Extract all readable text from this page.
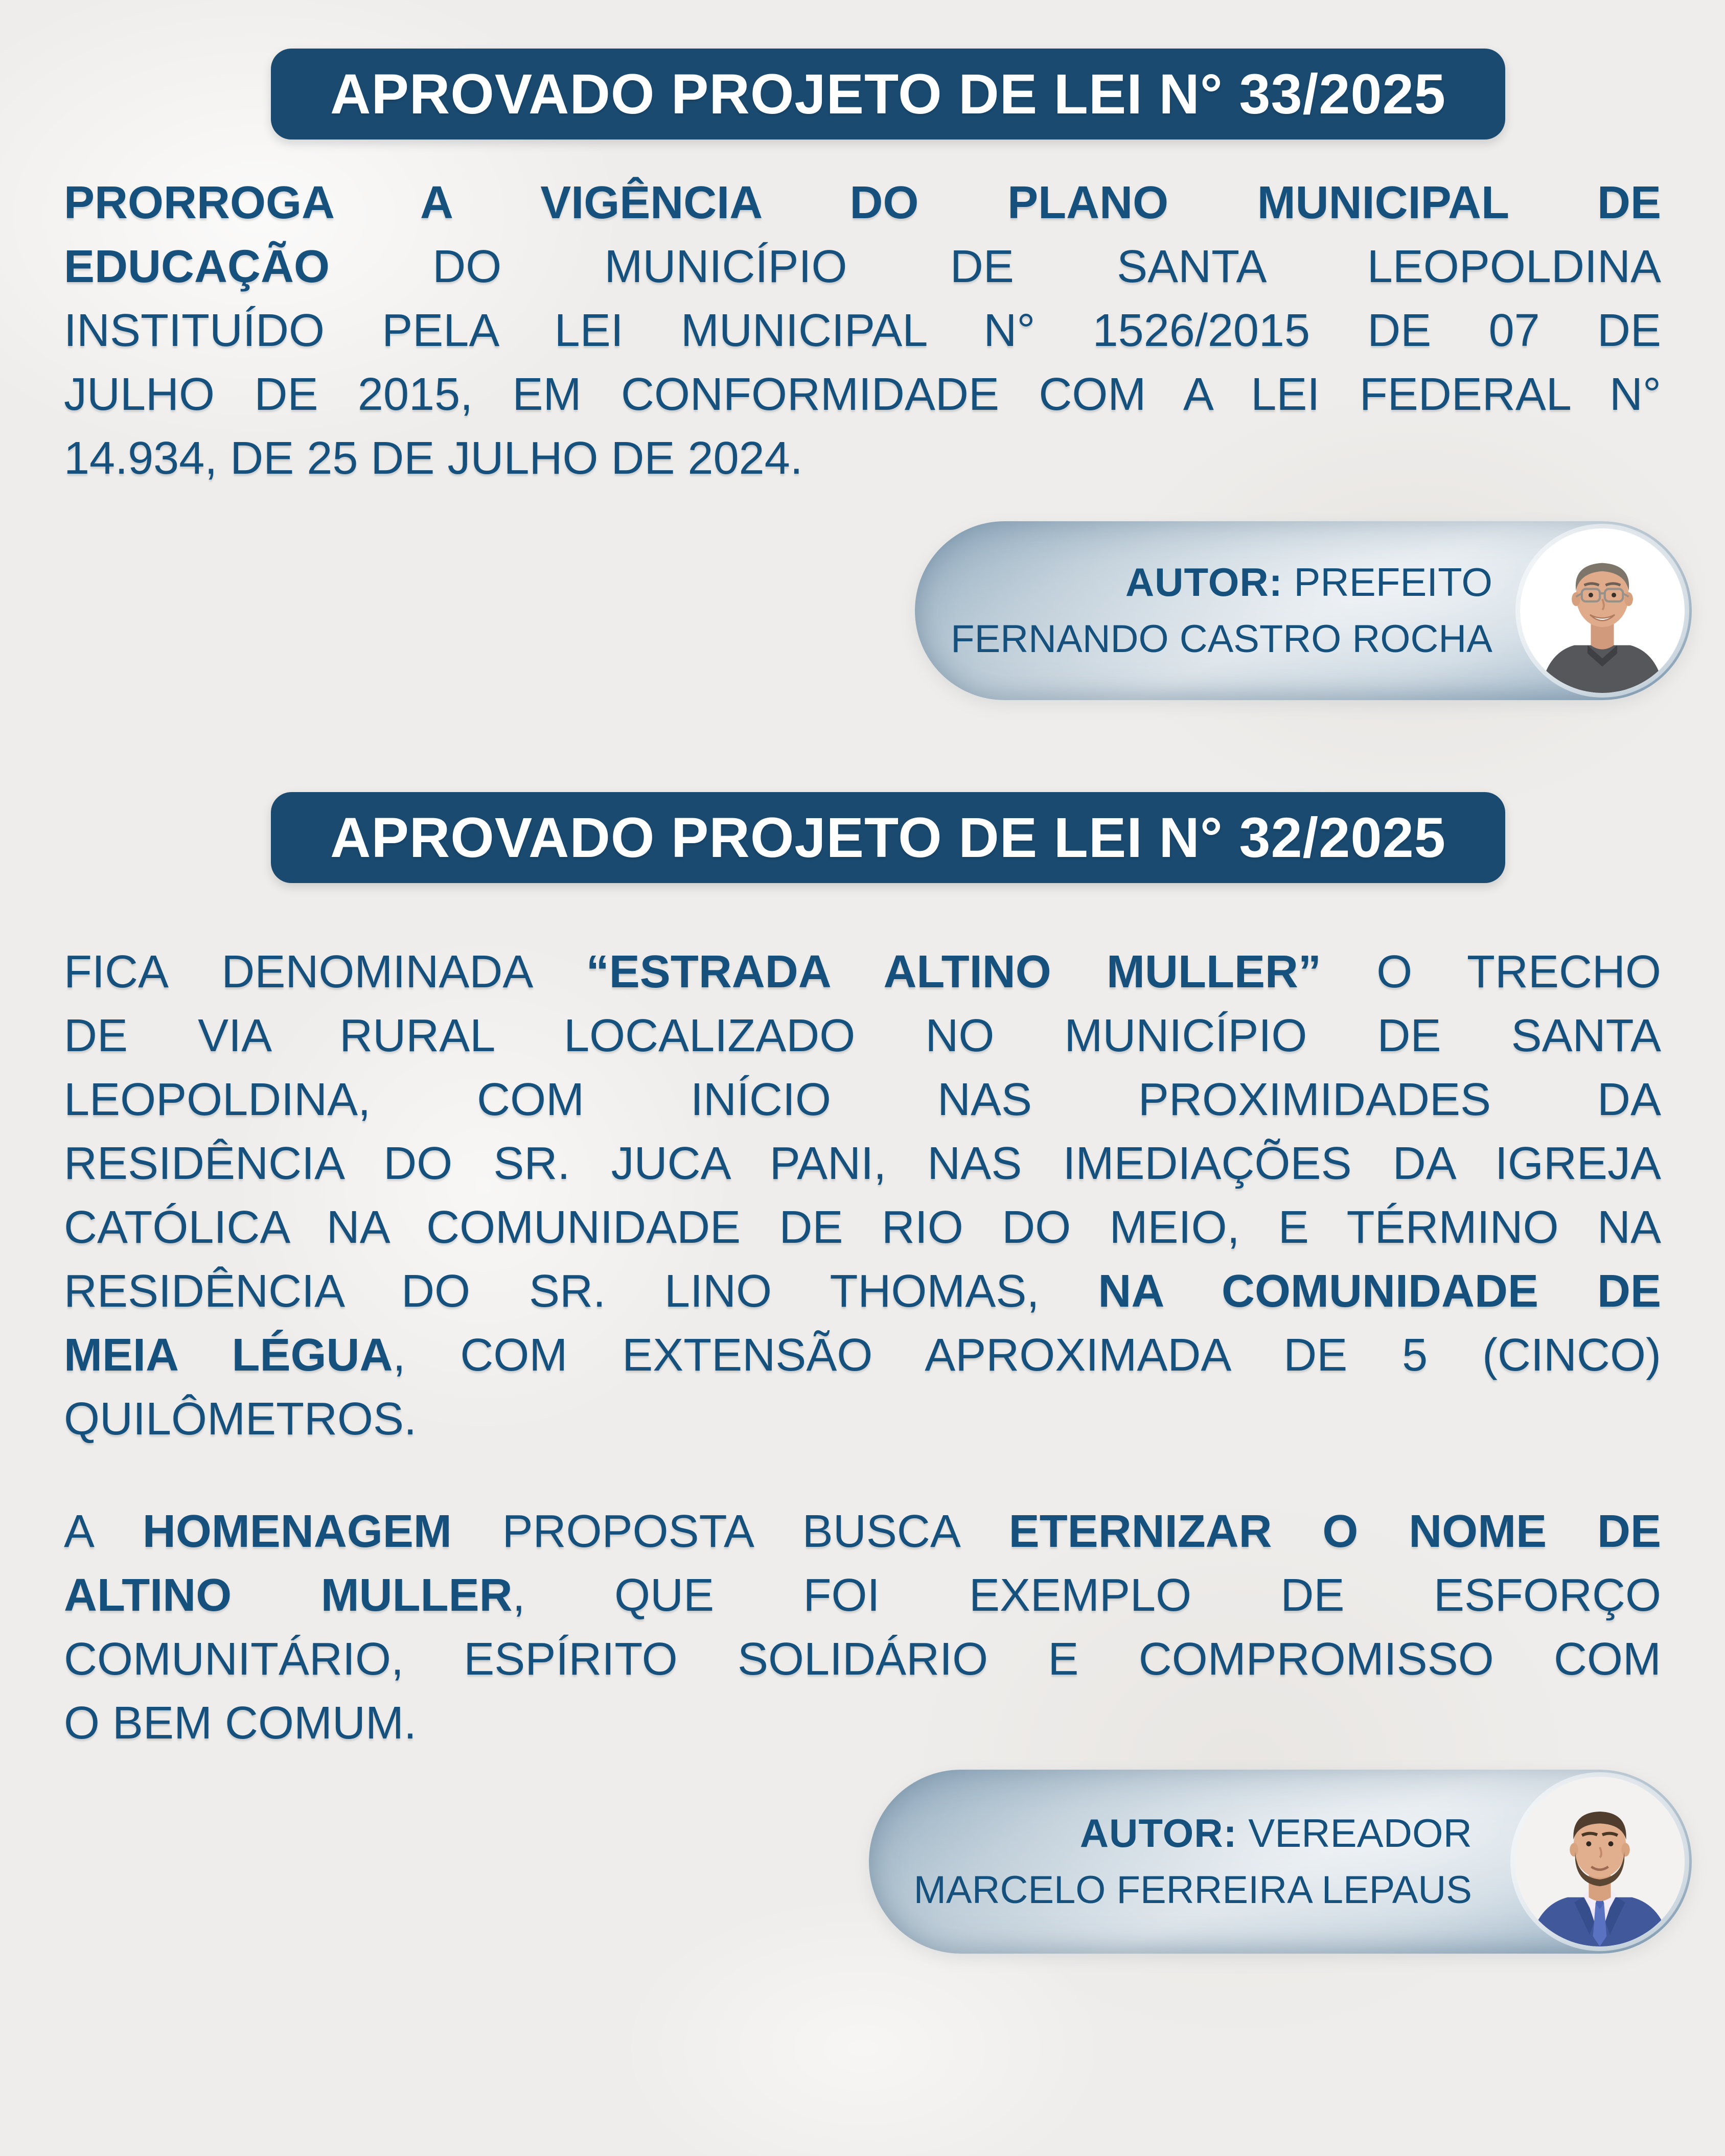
APROVADO PROJETO DE LEI N° 33/2025
PRORROGA A VIGÊNCIA DO PLANO MUNICIPAL DE
EDUCAÇÃO DO MUNICÍPIO DE SANTA LEOPOLDINA
INSTITUÍDO PELA LEI MUNICIPAL N° 1526/2015 DE 07 DE
JULHO DE 2015, EM CONFORMIDADE COM A LEI FEDERAL N°
14.934, DE 25 DE JULHO DE 2024.
AUTOR: PREFEITO
FERNANDO CASTRO ROCHA
APROVADO PROJETO DE LEI N° 32/2025
FICA DENOMINADA “ESTRADA ALTINO MULLER” O TRECHO
DE VIA RURAL LOCALIZADO NO MUNICÍPIO DE SANTA
LEOPOLDINA, COM INÍCIO NAS PROXIMIDADES DA
RESIDÊNCIA DO SR. JUCA PANI, NAS IMEDIAÇÕES DA IGREJA
CATÓLICA NA COMUNIDADE DE RIO DO MEIO, E TÉRMINO NA
RESIDÊNCIA DO SR. LINO THOMAS, NA COMUNIDADE DE
MEIA LÉGUA, COM EXTENSÃO APROXIMADA DE 5 (CINCO)
QUILÔMETROS.
A HOMENAGEM PROPOSTA BUSCA ETERNIZAR O NOME DE
ALTINO MULLER, QUE FOI EXEMPLO DE ESFORÇO
COMUNITÁRIO, ESPÍRITO SOLIDÁRIO E COMPROMISSO COM
O BEM COMUM.
AUTOR: VEREADOR
MARCELO FERREIRA LEPAUS
